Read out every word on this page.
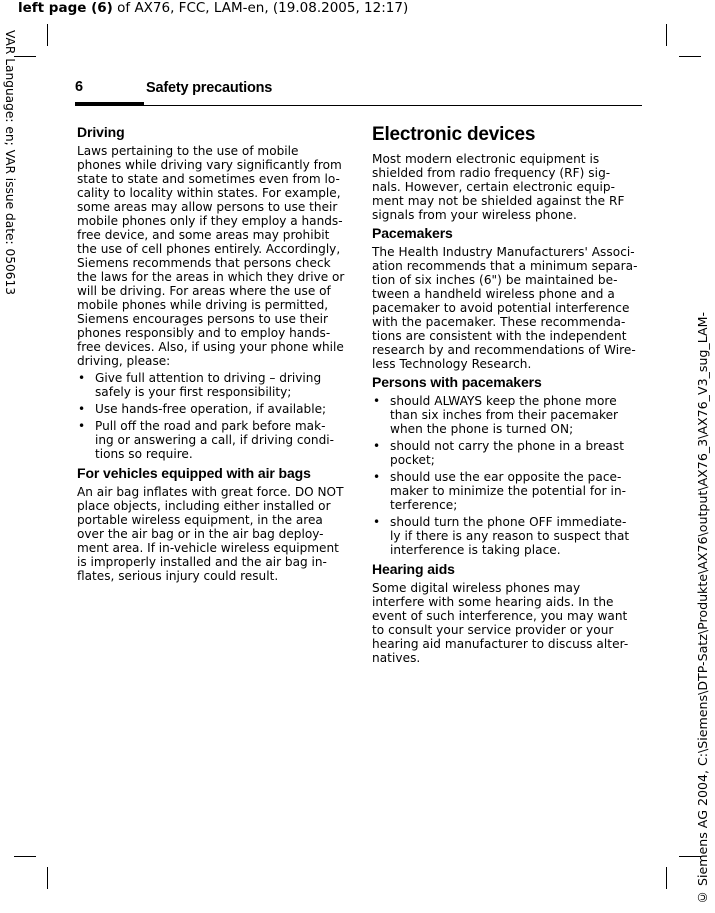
left page (6) of AX76, FCC, LAM-en, (19.08.2005, 12:17)
VAR Language: en; VAR issue date: 050613
© Siemens AG 2004, C:\Siemens\DTP-Satz\Produkte\AX76\output\AX76_3\AX76_V3_sug_LAM-
6	Safety precautions
Driving
Laws pertaining to the use of mobile
phones while driving vary significantly from
state to state and sometimes even from lo-
cality to locality within states. For example,
some areas may allow persons to use their
mobile phones only if they employ a hands-
free device, and some areas may prohibit
the use of cell phones entirely. Accordingly,
Siemens recommends that persons check
the laws for the areas in which they drive or
will be driving. For areas where the use of
mobile phones while driving is permitted,
Siemens encourages persons to use their
phones responsibly and to employ hands-
free devices. Also, if using your phone while
driving, please:
• Give full attention to driving – driving
safely is your first responsibility;
• Use hands-free operation, if available;
• Pull off the road and park before mak-
ing or answering a call, if driving condi-
tions so require.
For vehicles equipped with air bags
An air bag inflates with great force. DO NOT
place objects, including either installed or
portable wireless equipment, in the area
over the air bag or in the air bag deploy-
ment area. If in-vehicle wireless equipment
is improperly installed and the air bag in-
flates, serious injury could result.
Electronic devices
Most modern electronic equipment is
shielded from radio frequency (RF) sig-
nals. However, certain electronic equip-
ment may not be shielded against the RF
signals from your wireless phone.
Pacemakers
The Health Industry Manufacturers' Associ-
ation recommends that a minimum separa-
tion of six inches (6") be maintained be-
tween a handheld wireless phone and a
pacemaker to avoid potential interference
with the pacemaker. These recommenda-
tions are consistent with the independent
research by and recommendations of Wire-
less Technology Research.
Persons with pacemakers
• should ALWAYS keep the phone more
than six inches from their pacemaker
when the phone is turned ON;
• should not carry the phone in a breast
pocket;
• should use the ear opposite the pace-
maker to minimize the potential for in-
terference;
• should turn the phone OFF immediate-
ly if there is any reason to suspect that
interference is taking place.
Hearing aids
Some digital wireless phones may
interfere with some hearing aids. In the
event of such interference, you may want
to consult your service provider or your
hearing aid manufacturer to discuss alter-
natives.
